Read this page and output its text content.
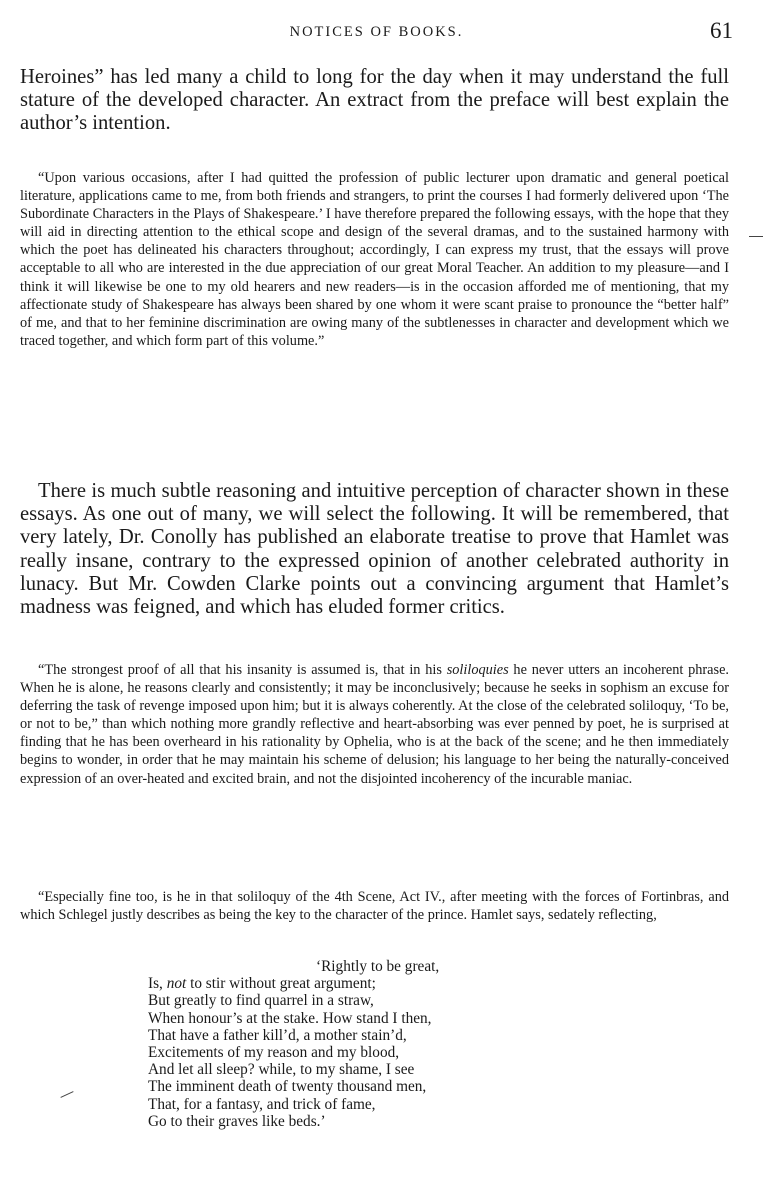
NOTICES OF BOOKS.	61

Heroines” has led many a child to long for the day when it may understand the full stature of the developed character. An extract from the preface will best explain the author’s intention.

“Upon various occasions, after I had quitted the profession of public lecturer upon dramatic and general poetical literature, applications came to me, from both friends and strangers, to print the courses I had formerly delivered upon ‘The Subordinate Characters in the Plays of Shakespeare.’ I have therefore prepared the following essays, with the hope that they will aid in directing attention to the ethical scope and design of the several dramas, and to the sustained harmony with which the poet has delineated his characters throughout; accordingly, I can express my trust, that the essays will prove acceptable to all who are interested in the due appreciation of our great Moral Teacher. An addition to my pleasure—and I think it will likewise be one to my old hearers and new readers—is in the occasion afforded me of mentioning, that my affectionate study of Shakespeare has always been shared by one whom it were scant praise to pronounce the “better half” of me, and that to her feminine discrimination are owing many of the subtlenesses in character and development which we traced together, and which form part of this volume.”

There is much subtle reasoning and intuitive perception of character shown in these essays. As one out of many, we will select the following. It will be remembered, that very lately, Dr. Conolly has published an elaborate treatise to prove that Hamlet was really insane, contrary to the expressed opinion of another celebrated authority in lunacy. But Mr. Cowden Clarke points out a convincing argument that Hamlet’s madness was feigned, and which has eluded former critics.

“The strongest proof of all that his insanity is assumed is, that in his soliloquies he never utters an incoherent phrase. When he is alone, he reasons clearly and consistently; it may be inconclusively; because he seeks in sophism an excuse for deferring the task of revenge imposed upon him; but it is always coherently. At the close of the celebrated soliloquy, ‘To be, or not to be,” than which nothing more grandly reflective and heart-absorbing was ever penned by poet, he is surprised at finding that he has been overheard in his rationality by Ophelia, who is at the back of the scene; and he then immediately begins to wonder, in order that he may maintain his scheme of delusion; his language to her being the naturally-conceived expression of an over-heated and excited brain, and not the disjointed incoherency of the incurable maniac.

“Especially fine too, is he in that soliloquy of the 4th Scene, Act IV., after meeting with the forces of Fortinbras, and which Schlegel justly describes as being the key to the character of the prince. Hamlet says, sedately reflecting,

‘Rightly to be great,
Is, not to stir without great argument;
But greatly to find quarrel in a straw,
When honour’s at the stake. How stand I then,
That have a father kill’d, a mother stain’d,
Excitements of my reason and my blood,
And let all sleep? while, to my shame, I see
The imminent death of twenty thousand men,
That, for a fantasy, and trick of fame,
Go to their graves like beds.’
